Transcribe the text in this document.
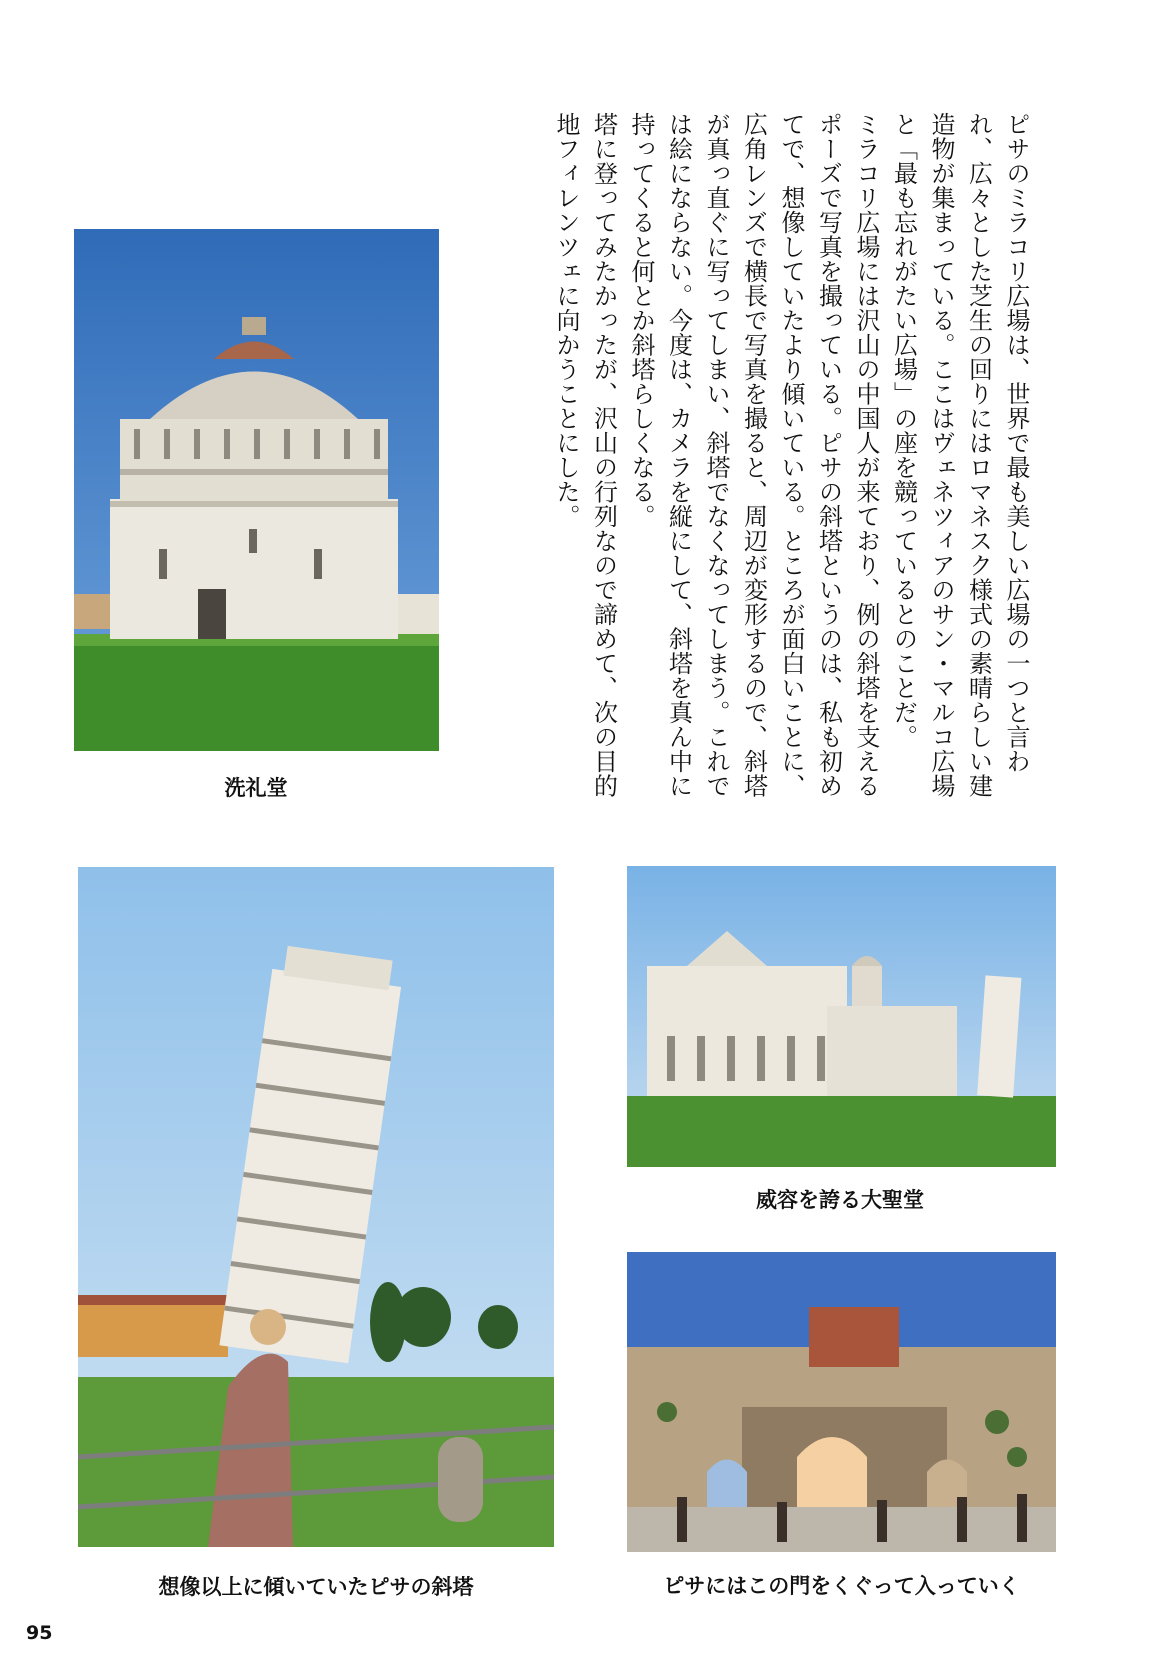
ピサのミラコリ広場は、世界で最も美しい広場の一つと言われ、広々とした芝生の回りにはロマネスク様式の素晴らしい建造物が集まっている。ここはヴェネツィアのサン・マルコ広場と「最も忘れがたい広場」の座を競っているとのことだ。

ミラコリ広場には沢山の中国人が来ており、例の斜塔を支えるポーズで写真を撮っている。ピサの斜塔というのは、私も初めてで、想像していたより傾いている。ところが面白いことに、広角レンズで横長で写真を撮ると、周辺が変形するので、斜塔が真っ直ぐに写ってしまい、斜塔でなくなってしまう。これでは絵にならない。今度は、カメラを縦にして、斜塔を真ん中に持ってくると何とか斜塔らしくなる。

塔に登ってみたかったが、沢山の行列なので諦めて、次の目的地フィレンツェに向かうことにした。

洗礼堂
想像以上に傾いていたピサの斜塔
威容を誇る大聖堂
ピサにはこの門をくぐって入っていく
95
